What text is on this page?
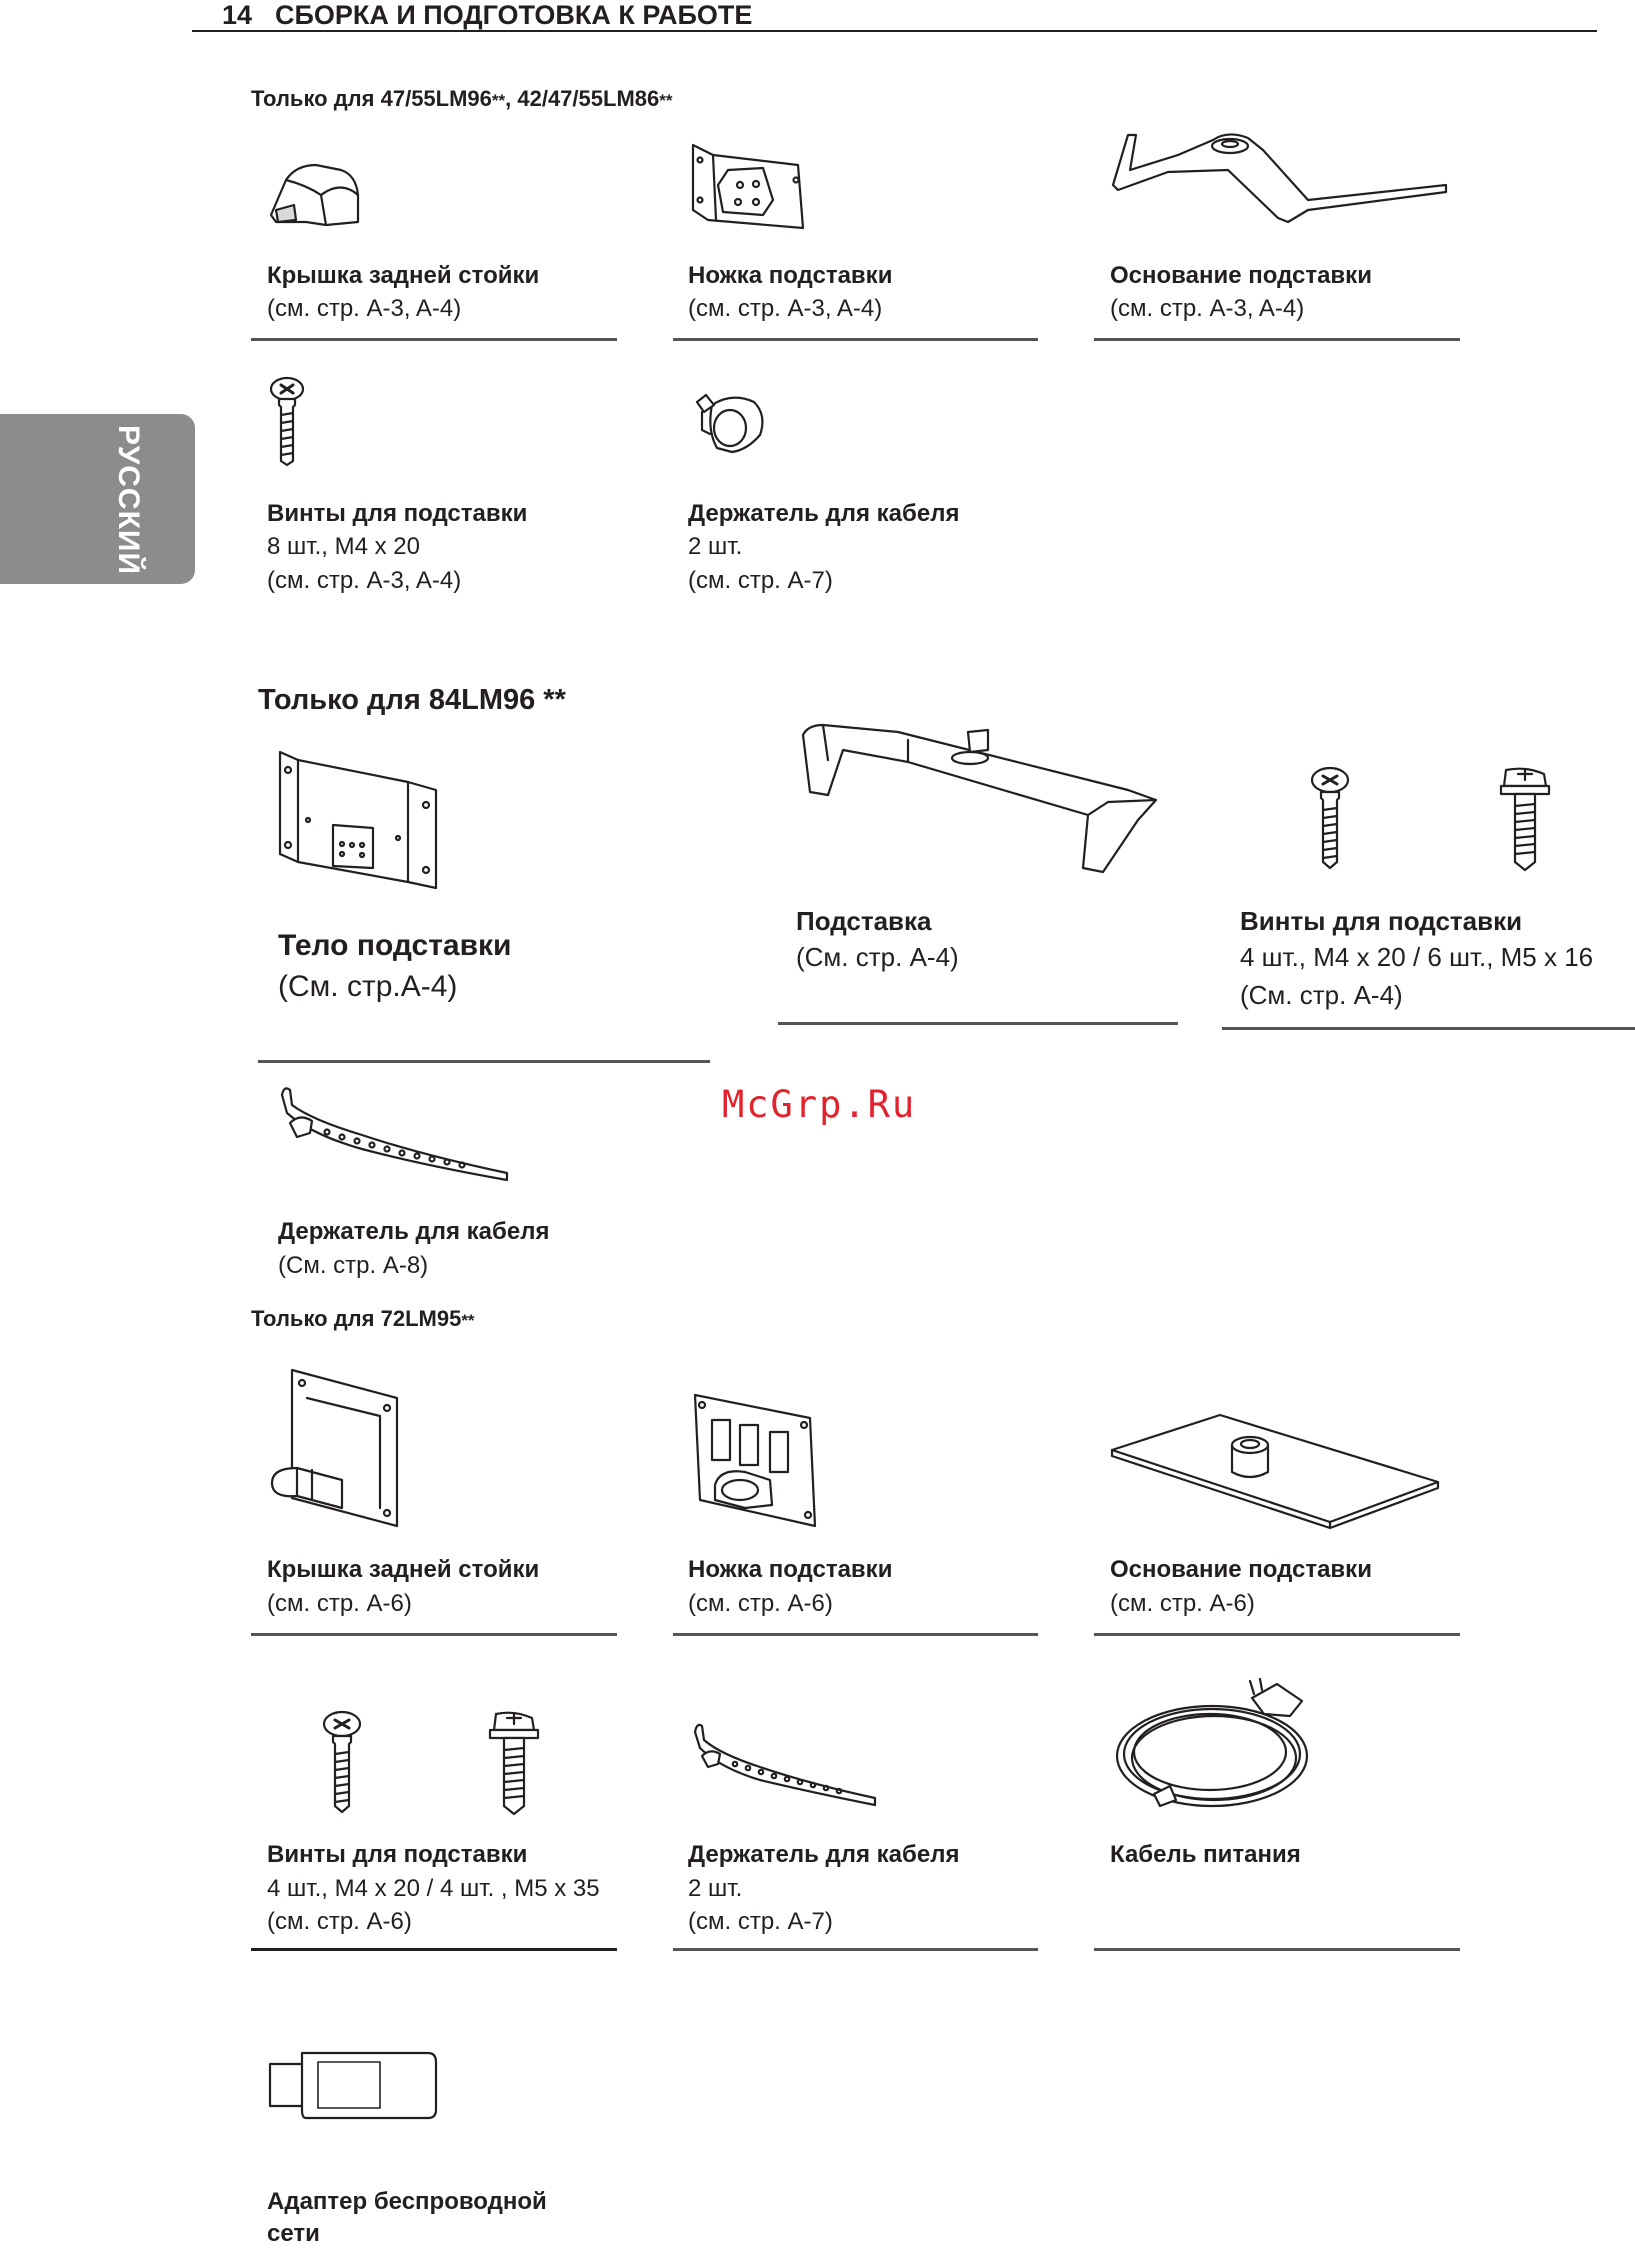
14 СБОРКА И ПОДГОТОВКА К РАБОТЕ
РУССКИЙ
Только для 47/55LM96**, 42/47/55LM86**
Крышка задней стойки
(см. стр. A-3, A-4)
Ножка подставки
(см. стр. A-3, A-4)
Основание подставки
(см. стр. A-3, A-4)
Винты для подставки
8 шт., M4 x 20
(см. стр. A-3, A-4)
Держатель для кабеля
2 шт.
(см. стр. A-7)
Только для 84LM96 **
Тело подставки
(См. стр.A-4)
Подставка
(См. стр. A-4)
Винты для подставки
4 шт., M4 x 20 / 6 шт., M5 x 16
(См. стр. A-4)
Держатель для кабеля
(См. стр. A-8)
McGrp.Ru
Только для 72LM95**
Крышка задней стойки
(см. стр. A-6)
Ножка подставки
(см. стр. A-6)
Основание подставки
(см. стр. A-6)
Винты для подставки
4 шт., M4 x 20 / 4 шт. , M5 x 35
(см. стр. A-6)
Держатель для кабеля
2 шт.
(см. стр. A-7)
Кабель питания
Адаптер беспроводной
сети
